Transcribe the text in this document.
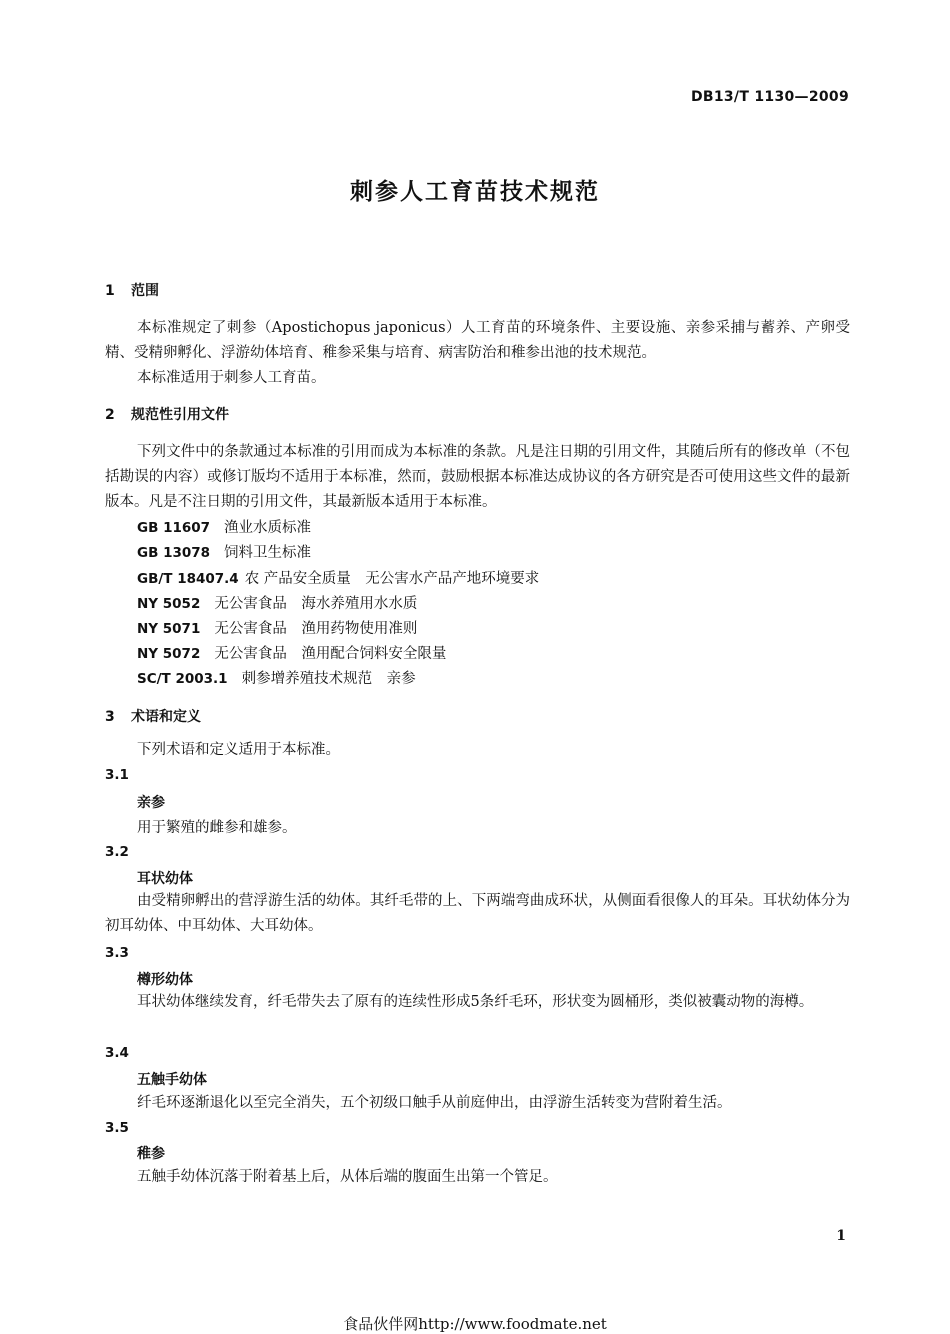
DB13/T 1130—2009
刺参人工育苗技术规范
1 范围
本标准规定了刺参（Apostichopus japonicus）人工育苗的环境条件、主要设施、亲参采捕与蓄养、产卵受精、受精卵孵化、浮游幼体培育、稚参采集与培育、病害防治和稚参出池的技术规范。
本标准适用于刺参人工育苗。
2 规范性引用文件
下列文件中的条款通过本标准的引用而成为本标准的条款。凡是注日期的引用文件，其随后所有的修改单（不包括勘误的内容）或修订版均不适用于本标准，然而，鼓励根据本标准达成协议的各方研究是否可使用这些文件的最新版本。凡是不注日期的引用文件，其最新版本适用于本标准。
GB 11607 渔业水质标准
GB 13078 饲料卫生标准
GB/T 18407.4 农 产品安全质量　无公害水产品产地环境要求
NY 5052 无公害食品　海水养殖用水水质
NY 5071 无公害食品　渔用药物使用准则
NY 5072 无公害食品　渔用配合饲料安全限量
SC/T 2003.1 刺参增养殖技术规范　亲参
3 术语和定义
下列术语和定义适用于本标准。
3.1
亲参
用于繁殖的雌参和雄参。
3.2
耳状幼体
由受精卵孵出的营浮游生活的幼体。其纤毛带的上、下两端弯曲成环状，从侧面看很像人的耳朵。耳状幼体分为初耳幼体、中耳幼体、大耳幼体。
3.3
樽形幼体
耳状幼体继续发育，纤毛带失去了原有的连续性形成5条纤毛环，形状变为圆桶形，类似被囊动物的海樽。
3.4
五触手幼体
纤毛环逐渐退化以至完全消失，五个初级口触手从前庭伸出，由浮游生活转变为营附着生活。
3.5
稚参
五触手幼体沉落于附着基上后，从体后端的腹面生出第一个管足。
1
食品伙伴网http://www.foodmate.net
